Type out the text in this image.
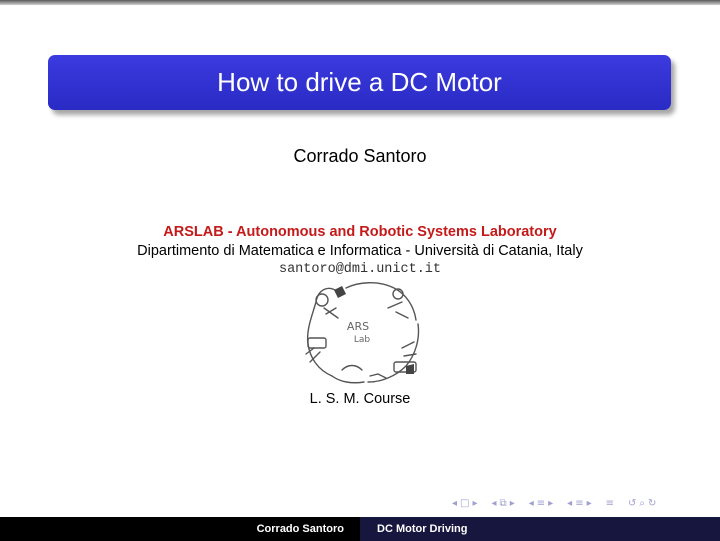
How to drive a DC Motor
Corrado Santoro
ARSLAB - Autonomous and Robotic Systems Laboratory
Dipartimento di Matematica e Informatica - Università di Catania, Italy
santoro@dmi.unict.it
ARS
Lab
L. S. M. Course
◂ □ ▸ ◂ ⧉ ▸ ◂ ≡ ▸ ◂ ≡ ▸ ≡ ↺ ⌕ ↻
Corrado Santoro	DC Motor Driving
